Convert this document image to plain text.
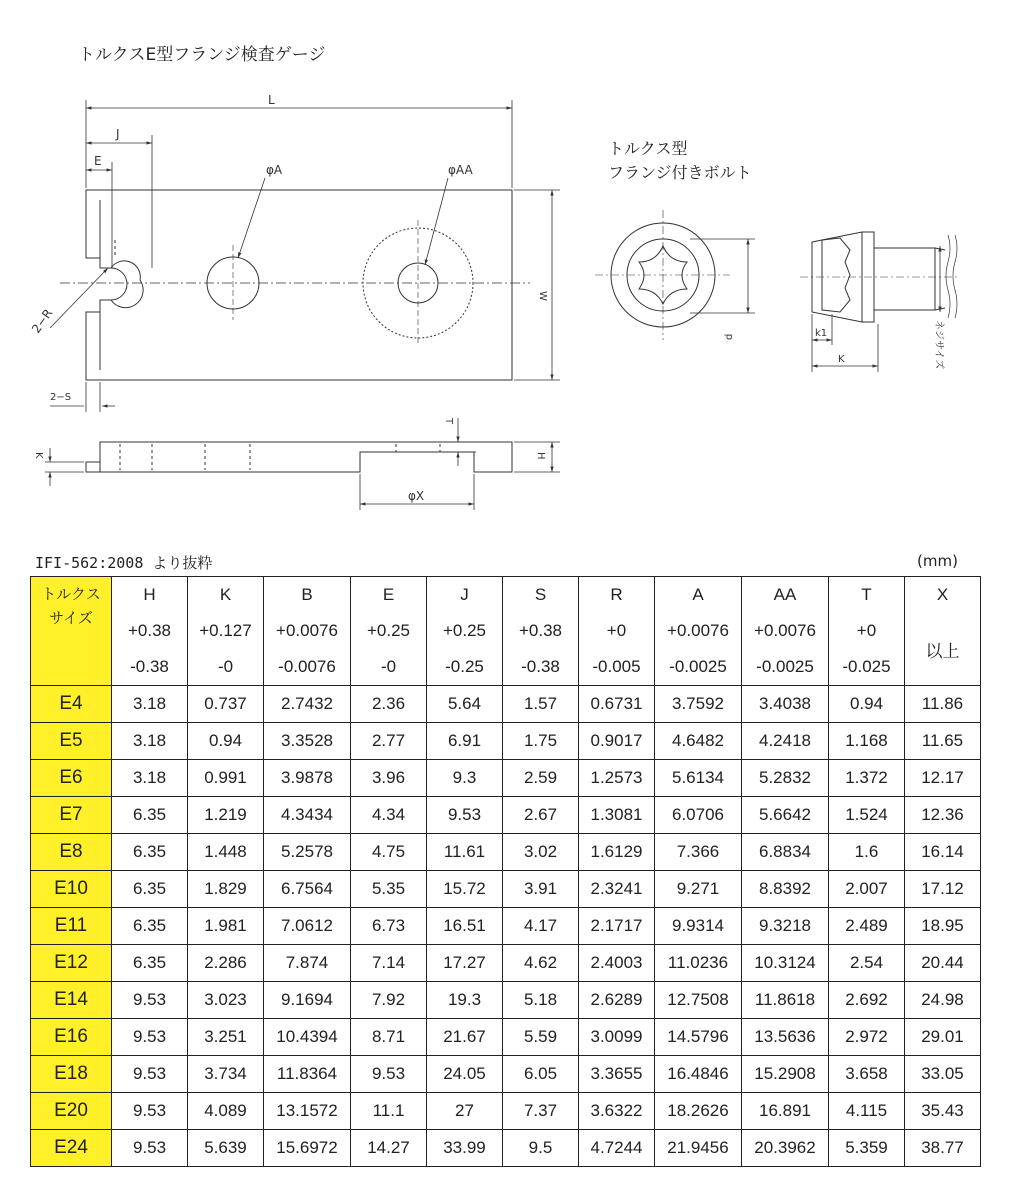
トルクスE型フランジ検査ゲージ
L
J
E
φA	φAA
W
2−R
2−S
K
T
H
φX
d	k1
K	ネジサイズ
トルクス型
フランジ付きボルト
IFI-562:2008 より抜粋	(mm)
トルクス
サイズ	H	K	B	E	J	S	R	A	AA	T	X
	+0.38	+0.127	+0.0076	+0.25	+0.25	+0.38	+0	+0.0076	+0.0076	+0	以上
	-0.38	-0	-0.0076	-0	-0.25	-0.38	-0.005	-0.0025	-0.0025	-0.025	
E4	3.18	0.737	2.7432	2.36	5.64	1.57	0.6731	3.7592	3.4038	0.94	11.86
E5	3.18	0.94	3.3528	2.77	6.91	1.75	0.9017	4.6482	4.2418	1.168	11.65
E6	3.18	0.991	3.9878	3.96	9.3	2.59	1.2573	5.6134	5.2832	1.372	12.17
E7	6.35	1.219	4.3434	4.34	9.53	2.67	1.3081	6.0706	5.6642	1.524	12.36
E8	6.35	1.448	5.2578	4.75	11.61	3.02	1.6129	7.366	6.8834	1.6	16.14
E10	6.35	1.829	6.7564	5.35	15.72	3.91	2.3241	9.271	8.8392	2.007	17.12
E11	6.35	1.981	7.0612	6.73	16.51	4.17	2.1717	9.9314	9.3218	2.489	18.95
E12	6.35	2.286	7.874	7.14	17.27	4.62	2.4003	11.0236	10.3124	2.54	20.44
E14	9.53	3.023	9.1694	7.92	19.3	5.18	2.6289	12.7508	11.8618	2.692	24.98
E16	9.53	3.251	10.4394	8.71	21.67	5.59	3.0099	14.5796	13.5636	2.972	29.01
E18	9.53	3.734	11.8364	9.53	24.05	6.05	3.3655	16.4846	15.2908	3.658	33.05
E20	9.53	4.089	13.1572	11.1	27	7.37	3.6322	18.2626	16.891	4.115	35.43
E24	9.53	5.639	15.6972	14.27	33.99	9.5	4.7244	21.9456	20.3962	5.359	38.77
